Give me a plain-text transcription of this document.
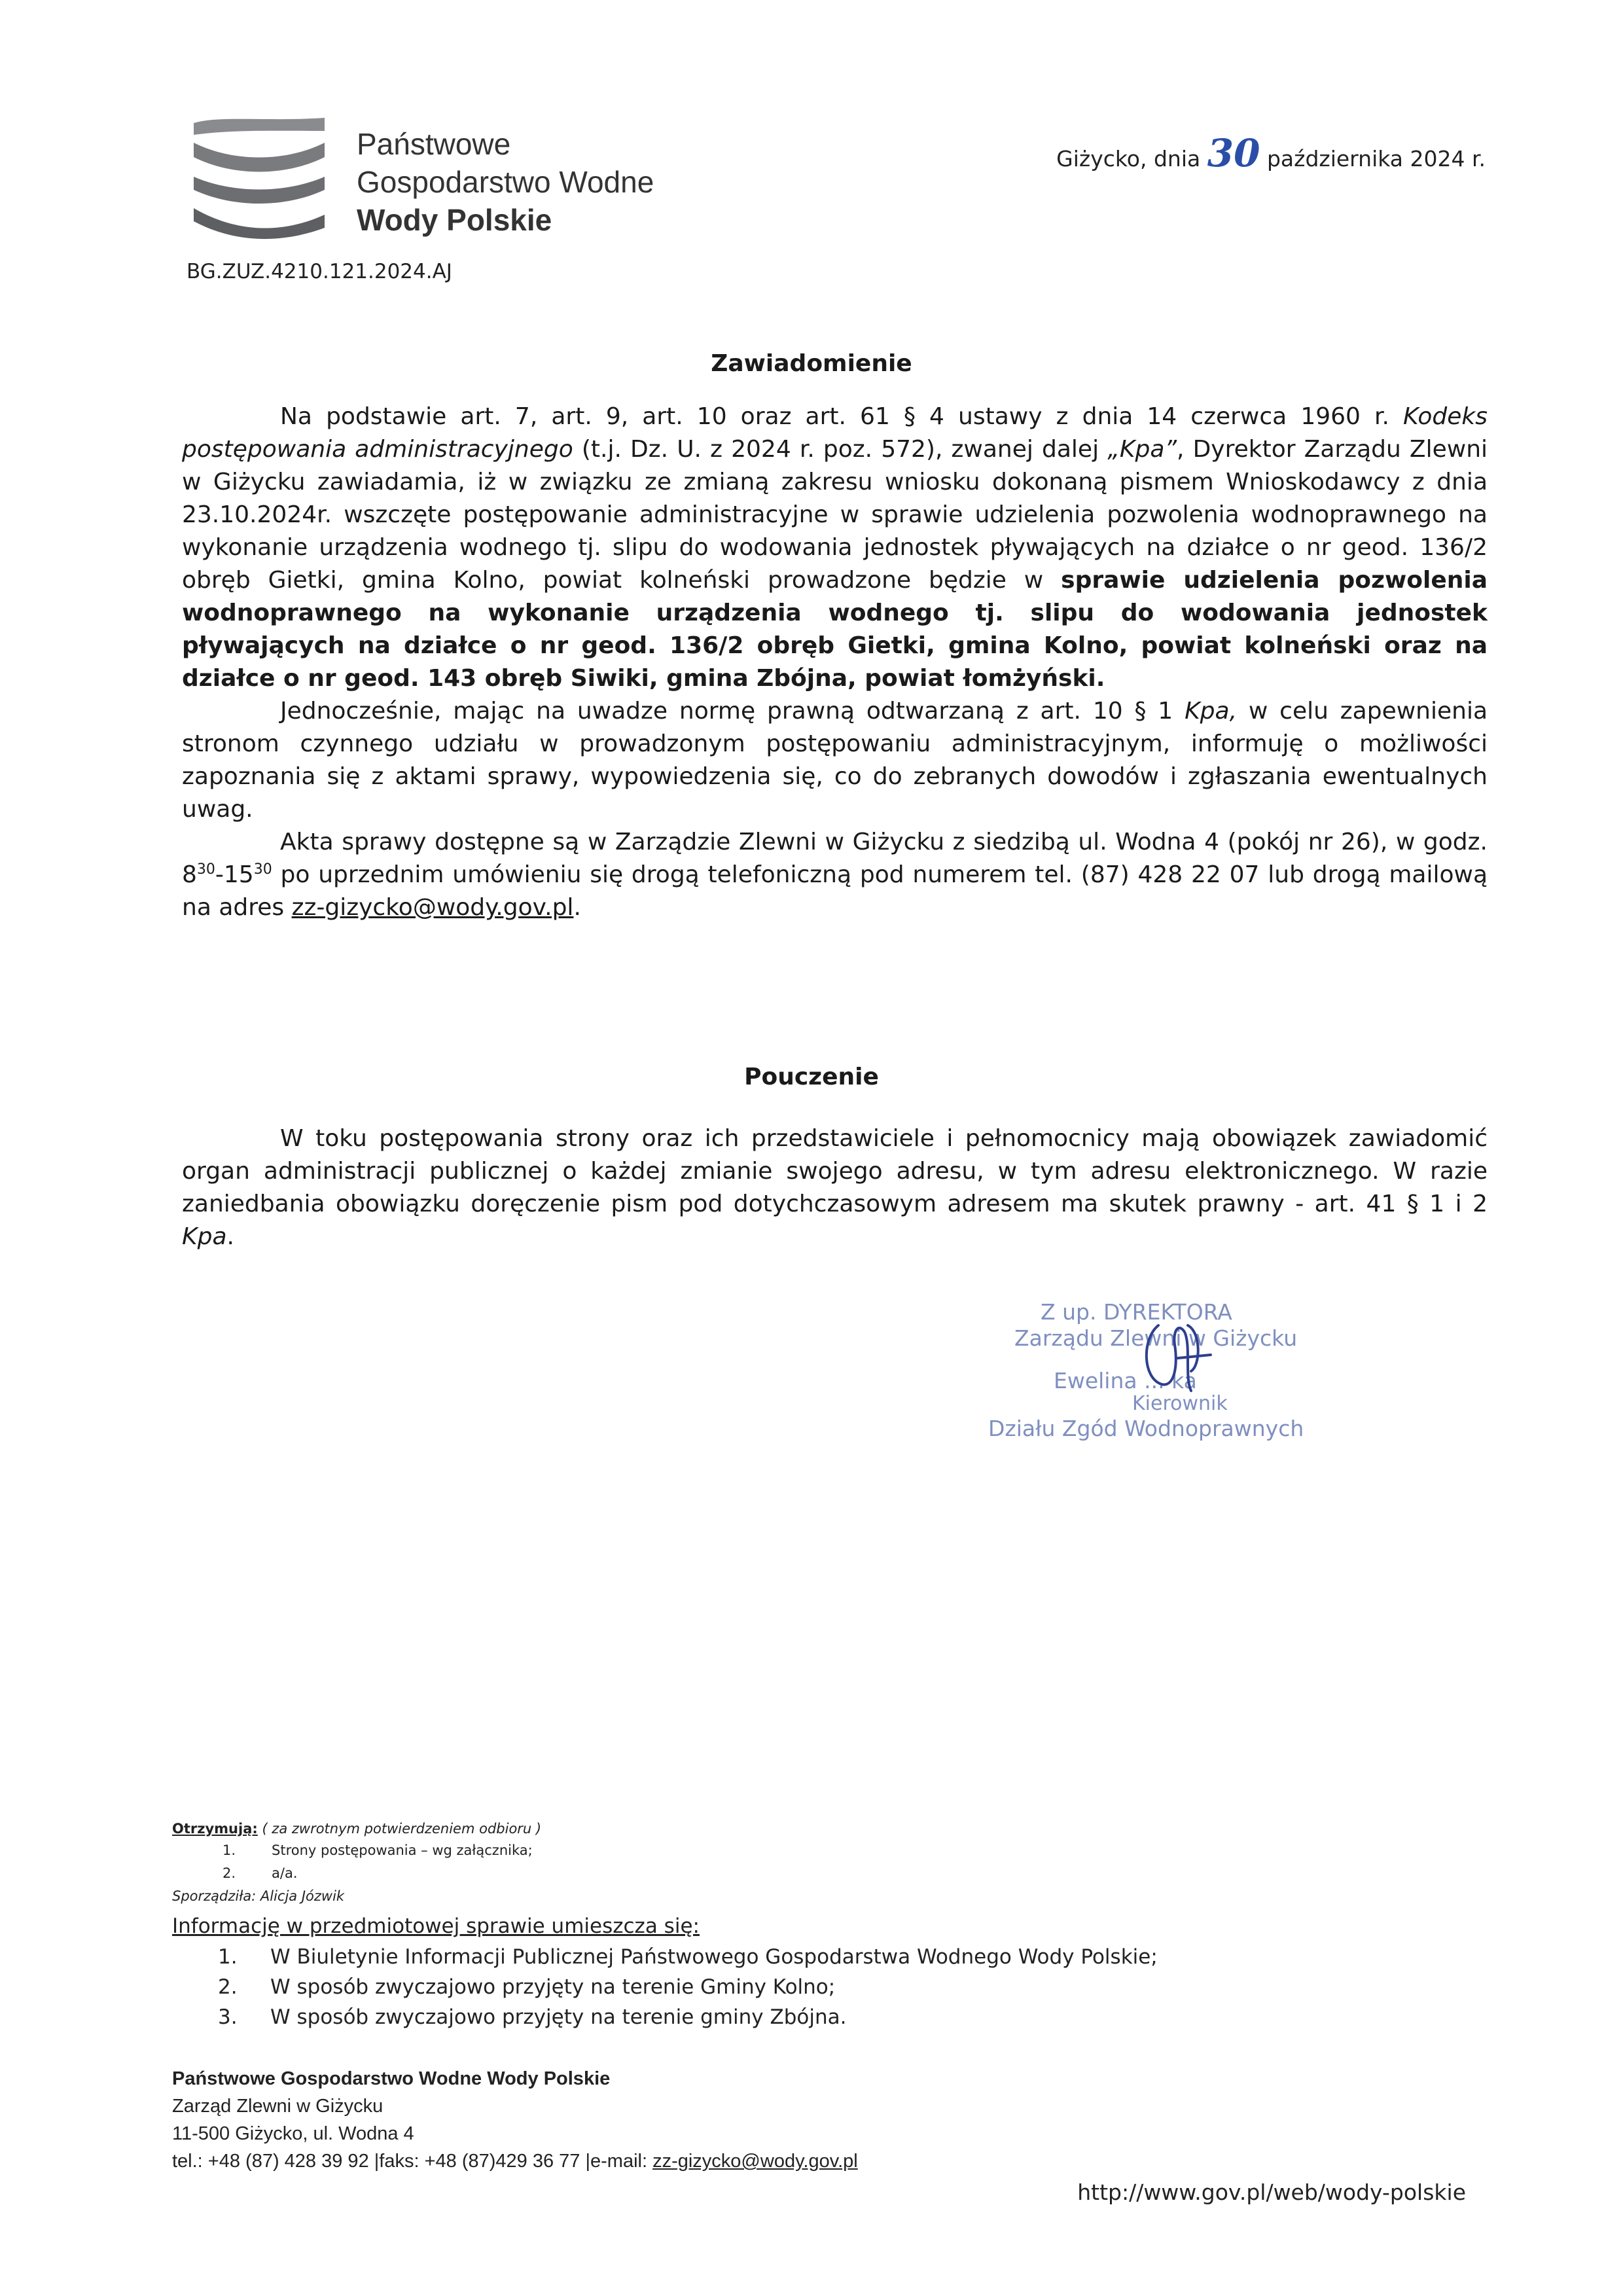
Państwowe
Gospodarstwo Wodne
Wody Polskie
BG.ZUZ.4210.121.2024.AJ
Giżycko, dnia 30 października 2024 r.
Zawiadomienie

Na podstawie art. 7, art. 9, art. 10 oraz art. 61 § 4 ustawy z dnia 14 czerwca 1960 r. Kodeks postępowania administracyjnego (t.j. Dz. U. z 2024 r. poz. 572), zwanej dalej „Kpa”, Dyrektor Zarządu Zlewni w Giżycku zawiadamia, iż w związku ze zmianą zakresu wniosku dokonaną pismem Wnioskodawcy z dnia 23.10.2024r. wszczęte postępowanie administracyjne w sprawie udzielenia pozwolenia wodnoprawnego na wykonanie urządzenia wodnego tj. slipu do wodowania jednostek pływających na działce o nr geod. 136/2 obręb Gietki, gmina Kolno, powiat kolneński prowadzone będzie w sprawie udzielenia pozwolenia wodnoprawnego na wykonanie urządzenia wodnego tj. slipu do wodowania jednostek pływających na działce o nr geod. 136/2 obręb Gietki, gmina Kolno, powiat kolneński oraz na działce o nr geod. 143 obręb Siwiki, gmina Zbójna, powiat łomżyński.

Jednocześnie, mając na uwadze normę prawną odtwarzaną z art. 10 § 1 Kpa, w celu zapewnienia stronom czynnego udziału w prowadzonym postępowaniu administracyjnym, informuję o możliwości zapoznania się z aktami sprawy, wypowiedzenia się, co do zebranych dowodów i zgłaszania ewentualnych uwag.

Akta sprawy dostępne są w Zarządzie Zlewni w Giżycku z siedzibą ul. Wodna 4 (pokój nr 26), w godz. $8^{30}-15^{30}$ po uprzednim umówieniu się drogą telefoniczną pod numerem tel. (87) 428 22 07 lub drogą mailową na adres zz-gizycko@wody.gov.pl.

Pouczenie

W toku postępowania strony oraz ich przedstawiciele i pełnomocnicy mają obowiązek zawiadomić organ administracji publicznej o każdej zmianie swojego adresu, w tym adresu elektronicznego. W razie zaniedbania obowiązku doręczenie pism pod dotychczasowym adresem ma skutek prawny - art. 41 § 1 i 2 Kpa.

Z up. DYREKTORA
Zarządu Zlewni w Giżycku
Ewelina ... ka
Kierownik
Działu Zgód Wodnoprawnych
Otrzymują: ( za zwrotnym potwierdzeniem odbioru )
1.	Strony postępowania – wg załącznika;
2.	a/a.
Sporządziła: Alicja Józwik
Informację w przedmiotowej sprawie umieszcza się:
1. W Biuletynie Informacji Publicznej Państwowego Gospodarstwa Wodnego Wody Polskie;
2. W sposób zwyczajowo przyjęty na terenie Gminy Kolno;
3. W sposób zwyczajowo przyjęty na terenie gminy Zbójna.
Państwowe Gospodarstwo Wodne Wody Polskie
Zarząd Zlewni w Giżycku
11-500 Giżycko, ul. Wodna 4
tel.: +48 (87) 428 39 92 |faks: +48 (87)429 36 77 |e-mail: zz-gizycko@wody.gov.pl
http://www.gov.pl/web/wody-polskie
